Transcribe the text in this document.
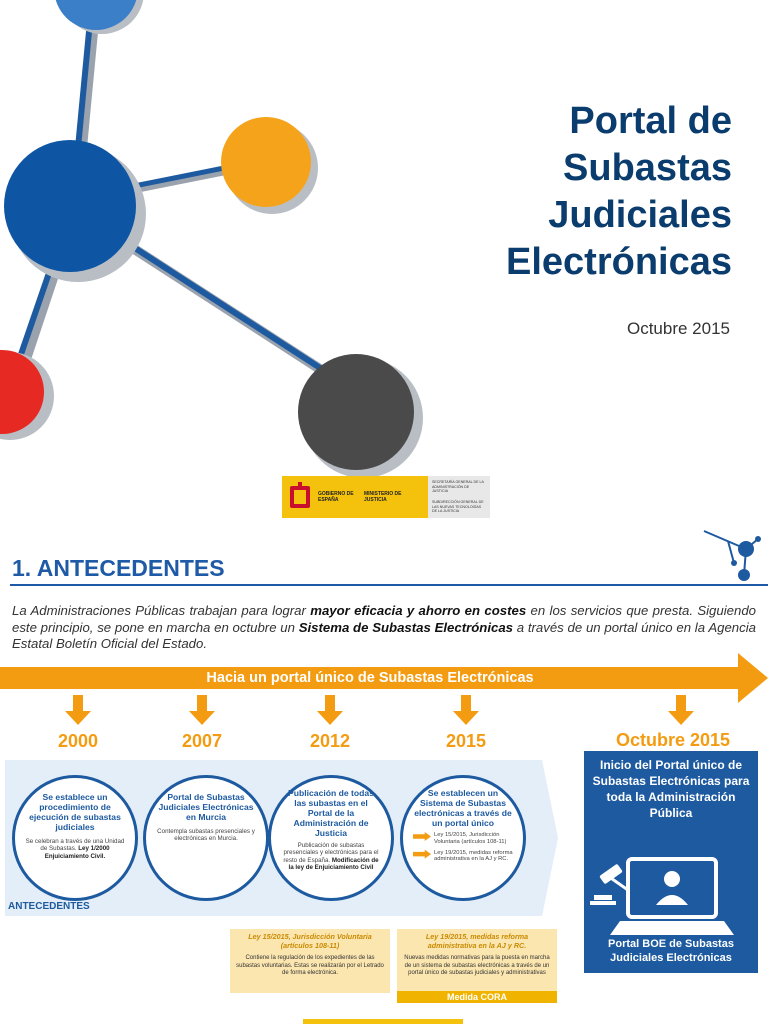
Portal de
Subastas
Judiciales
Electrónicas
Octubre 2015
GOBIERNO DE ESPAÑA
MINISTERIO DE JUSTICIA
SECRETARÍA GENERAL DE LA ADMINISTRACIÓN DE JUSTICIA
SUBDIRECCIÓN GENERAL DE LAS NUEVAS TECNOLOGÍAS DE LA JUSTICIA
1. ANTECEDENTES

La Administraciones Públicas trabajan para lograr mayor eficacia y ahorro en costes en los servicios que presta. Siguiendo este principio, se pone en marcha en octubre un Sistema de Subastas Electrónicas a través de un portal único en la Agencia Estatal Boletín Oficial del Estado.

Hacia un portal único de Subastas Electrónicas
2000	2007	2012	2015
Se establece un procedimiento de ejecución de subastas judiciales
Se celebran a través de una Unidad de Subastas. Ley 1/2000 Enjuiciamiento Civil.
Portal de Subastas Judiciales Electrónicas en Murcia
Contempla subastas presenciales y electrónicas en Murcia.
Publicación de todas las subastas en el Portal de la Administración de Justicia
Publicación de subastas presenciales y electrónicas para el resto de España. Modificación de la ley de Enjuiciamiento Civil
Se establecen un Sistema de Subastas electrónicas a través de un portal único
Ley 15/2015, Jurisdicción Voluntaria (artículos 108-11)
Ley 19/2015, medidas reforma administrativa en la AJ y RC.
ANTECEDENTES
Octubre 2015
Inicio del Portal único de Subastas Electrónicas para toda la Administración Pública
Portal BOE de Subastas Judiciales Electrónicas
Ley 15/2015, Jurisdicción Voluntaria (artículos 108-11)
Contiene la regulación de los expedientes de las subastas voluntarias. Estas se realizarán por el Letrado de forma electrónica.
Ley 19/2015, medidas reforma administrativa en la AJ y RC.
Nuevas medidas normativas para la puesta en marcha de un sistema de subastas electrónicas a través de un portal único de subastas judiciales y administrativas
Medida CORA
